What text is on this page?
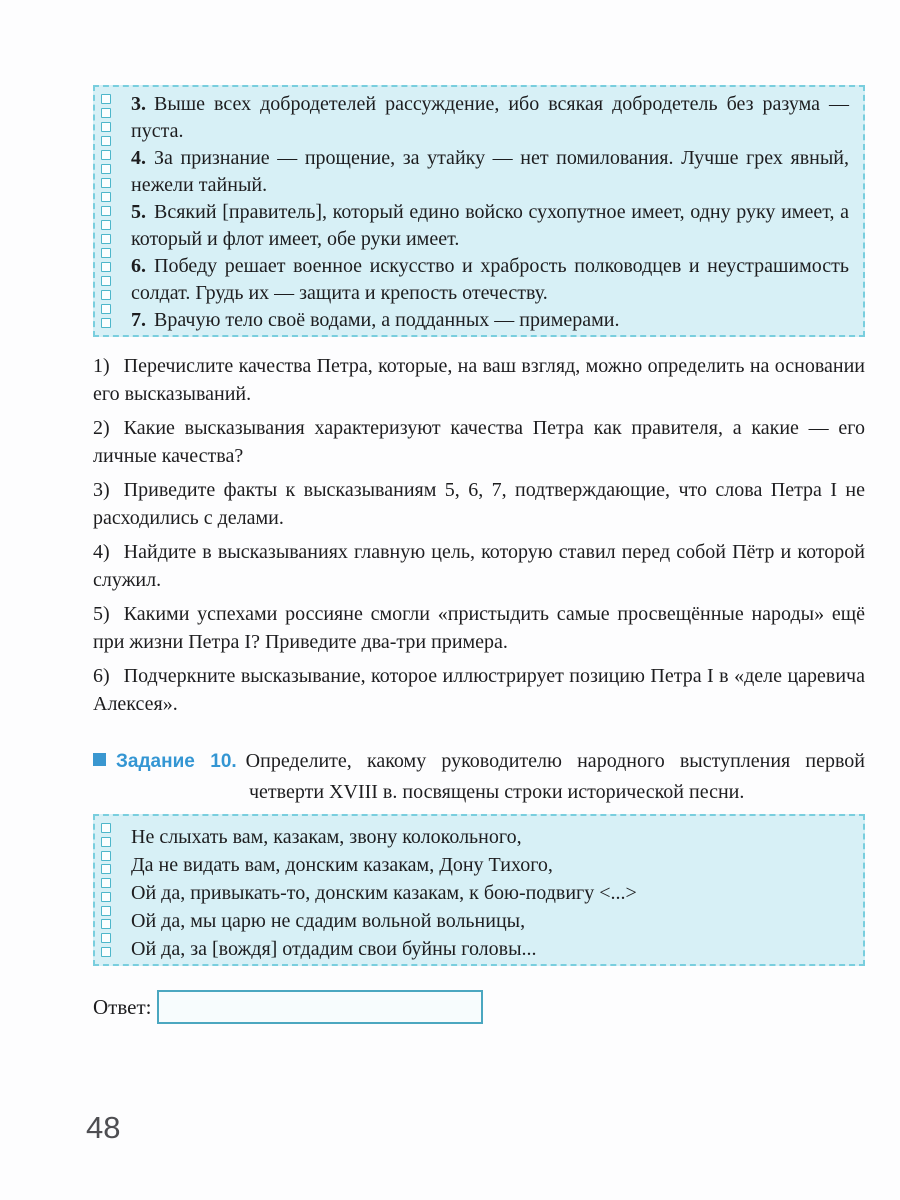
3. Выше всех добродетелей рассуждение, ибо всякая добродетель без разума — пуста.

4. За признание — прощение, за утайку — нет помилования. Лучше грех явный, нежели тайный.

5. Всякий [правитель], который едино войско сухопутное имеет, одну руку имеет, а который и флот имеет, обе руки имеет.

6. Победу решает военное искусство и храбрость полководцев и неустрашимость солдат. Грудь их — защита и крепость отечеству.

7. Врачую тело своё водами, а подданных — примерами.

1) Перечислите качества Петра, которые, на ваш взгляд, можно определить на основании его высказываний.

2) Какие высказывания характеризуют качества Петра как правителя, а какие — его личные качества?

3) Приведите факты к высказываниям 5, 6, 7, подтверждающие, что слова Петра I не расходились с делами.

4) Найдите в высказываниях главную цель, которую ставил перед собой Пётр и которой служил.

5) Какими успехами россияне смогли «пристыдить самые просвещённые народы» ещё при жизни Петра I? Приведите два-три примера.

6) Подчеркните высказывание, которое иллюстрирует позицию Петра I в «деле царевича Алексея».

Задание 10. Определите, какому руководителю народного выступления первой четверти XVIII в. посвящены строки исторической песни.

Не слыхать вам, казакам, звону колокольного,

Да не видать вам, донским казакам, Дону Тихого,

Ой да, привыкать-то, донским казакам, к бою-подвигу <...>

Ой да, мы царю не сдадим вольной вольницы,

Ой да, за [вождя] отдадим свои буйны головы...

Ответ:
48
